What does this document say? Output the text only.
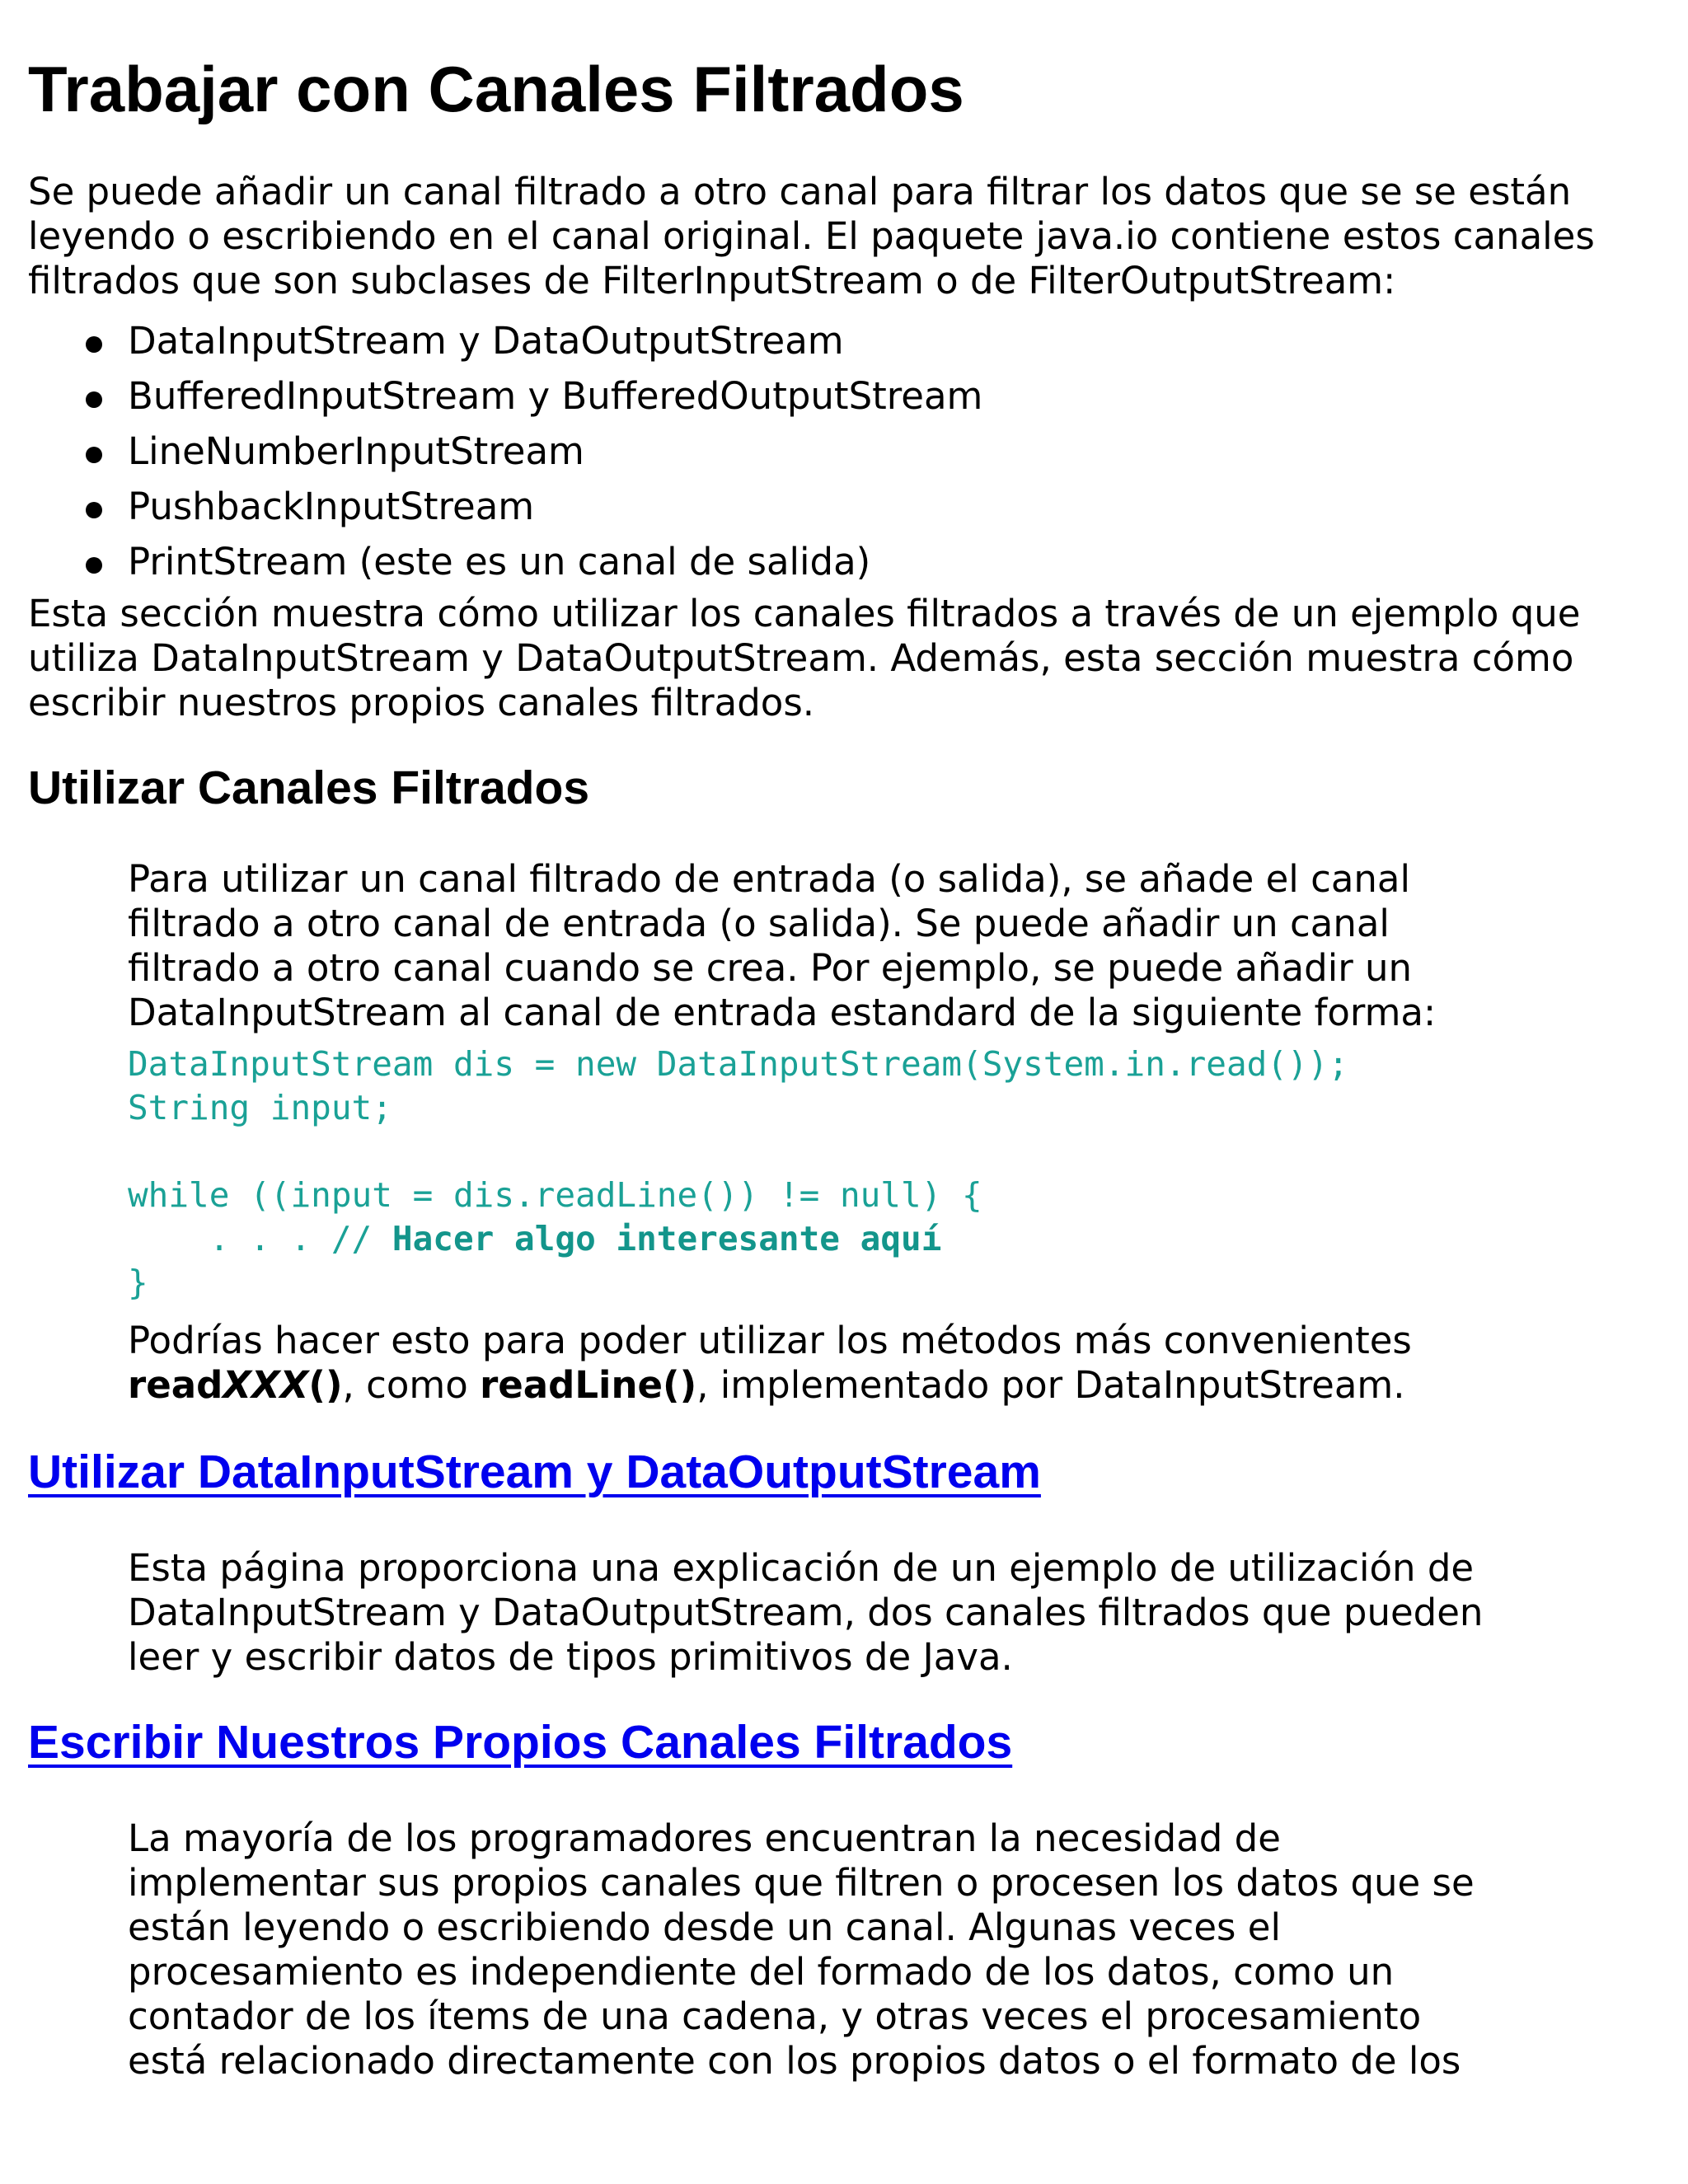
Trabajar con Canales Filtrados
Se puede añadir un canal filtrado a otro canal para filtrar los datos que se se están
leyendo o escribiendo en el canal original. El paquete java.io contiene estos canales
filtrados que son subclases de FilterInputStream o de FilterOutputStream:
DataInputStream y DataOutputStream
BufferedInputStream y BufferedOutputStream
LineNumberInputStream
PushbackInputStream
PrintStream (este es un canal de salida)
Esta sección muestra cómo utilizar los canales filtrados a través de un ejemplo que
utiliza DataInputStream y DataOutputStream. Además, esta sección muestra cómo
escribir nuestros propios canales filtrados.
Utilizar Canales Filtrados
Para utilizar un canal filtrado de entrada (o salida), se añade el canal
filtrado a otro canal de entrada (o salida). Se puede añadir un canal
filtrado a otro canal cuando se crea. Por ejemplo, se puede añadir un
DataInputStream al canal de entrada estandard de la siguiente forma:
DataInputStream dis = new DataInputStream(System.in.read());
String input;
while ((input = dis.readLine()) != null) {
. . . // Hacer algo interesante aquí
}
Podrías hacer esto para poder utilizar los métodos más convenientes
readXXX(), como readLine(), implementado por DataInputStream.
Utilizar DataInputStream y DataOutputStream
Esta página proporciona una explicación de un ejemplo de utilización de
DataInputStream y DataOutputStream, dos canales filtrados que pueden
leer y escribir datos de tipos primitivos de Java.
Escribir Nuestros Propios Canales Filtrados
La mayoría de los programadores encuentran la necesidad de
implementar sus propios canales que filtren o procesen los datos que se
están leyendo o escribiendo desde un canal. Algunas veces el
procesamiento es independiente del formado de los datos, como un
contador de los ítems de una cadena, y otras veces el procesamiento
está relacionado directamente con los propios datos o el formato de los
